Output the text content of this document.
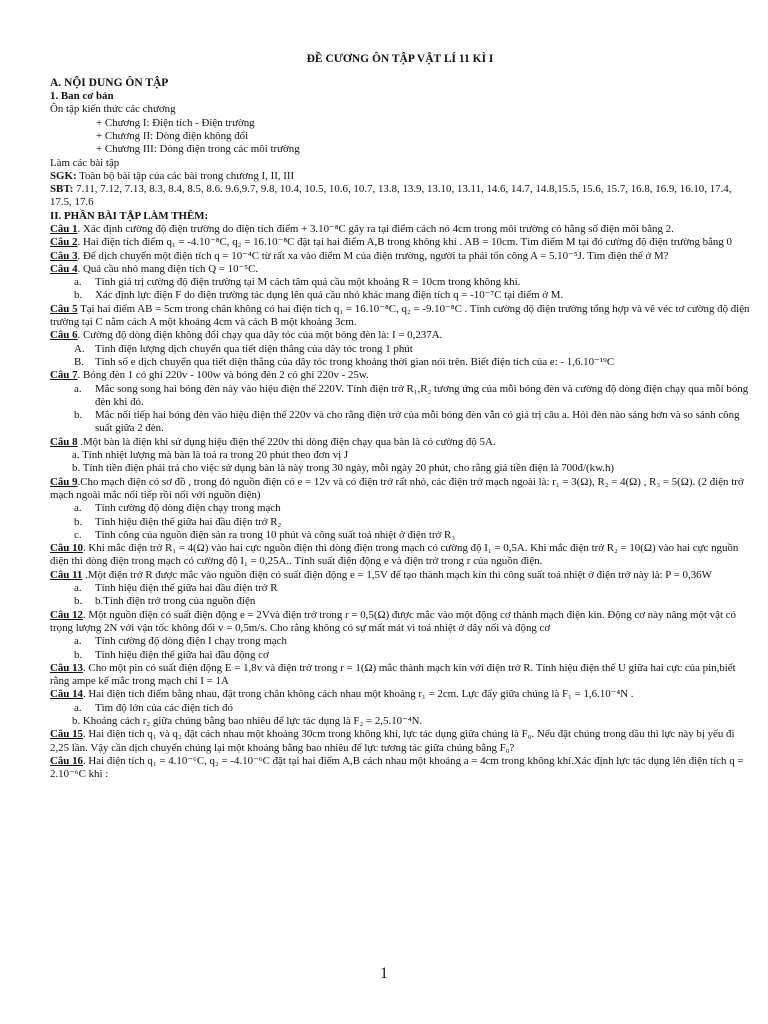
ĐỀ CƯƠNG ÔN TẬP VẬT LÍ 11 KÌ I

A. NỘI DUNG ÔN TẬP

1. Ban cơ bản

Ôn tập kiến thức các chương

+ Chương I: Điện tích - Điện trường

+ Chương II: Dòng điện không đổi

+ Chương III: Dòng điện trong các môi trường

Làm các bài tập

SGK: Toàn bộ bài tập của các bài trong chương I, II, III

SBT: 7.11, 7.12, 7.13, 8.3, 8.4, 8.5, 8.6. 9.6,9.7, 9.8, 10.4, 10.5, 10.6, 10.7, 13.8, 13.9, 13.10, 13.11, 14.6, 14.7, 14.8,15.5, 15.6, 15.7, 16.8, 16.9, 16.10, 17.4, 17.5, 17.6

II. PHẦN BÀI TẬP LÀM THÊM:

Câu 1. Xác định cường độ điện trường do điện tích điểm + 3.10⁻⁸C gây ra tại điểm cách nó 4cm trong môi trường có hằng số điện môi bằng 2.

Câu 2. Hai điện tích điểm q₁ = -4.10⁻⁸C, q₂ = 16.10⁻⁸C đặt tại hai điểm A,B trong không khí . AB = 10cm. Tìm điểm M tại đó cường độ điện trường bằng 0

Câu 3. Để dịch chuyển một điện tích q = 10⁻⁴C từ rất xa vào điểm M của điện trường, người ta phải tốn công A = 5.10⁻⁵J. Tìm điện thế ở M?

Câu 4. Quả cầu nhỏ mang điện tích Q = 10⁻⁵C.

a.	Tính giá trị cường độ điện trường tại M cách tâm quả cầu một khoảng R = 10cm trong không khí.
b.	Xác định lực điện F do điện trường tác dụng lên quả cầu nhỏ khác mang điện tích q = -10⁻⁷C tại điểm ở M.

Câu 5 Tại hai điểm AB = 5cm trong chân không có hai điện tích q₁ = 16.10⁻⁸C, q₂ = -9.10⁻⁸C . Tính cường độ điện trường tổng hợp và vẽ véc tơ cường độ điện trường tại C nằm cách A một khoảng 4cm và cách B một khoảng 3cm.

Câu 6. Cường độ dòng điện không đổi chạy qua dây tóc của một bóng đèn là: I = 0,237A.

A. Tính điện lượng dịch chuyển qua tiết diện thẳng của dây tóc trong 1 phút
B.	Tính số e dịch chuyển qua tiết diện thẳng của dây tóc trong khoảng thời gian nói trên. Biết điện tích của e: - 1,6.10⁻¹⁹C

Câu 7. Bóng đèn 1 có ghi 220v - 100w và bóng đèn 2 có ghi 220v - 25w.

a.	Mắc song song hai bóng đèn này vào hiệu điện thế 220V. Tính điện trở R₁,R₂ tương ứng của mỗi bóng đèn và cường độ dòng điện chạy qua mỗi bóng đèn khi đó.
b.	Mắc nối tiếp hai bóng đèn vào hiệu điện thế 220v và cho rằng điện trở của mỗi bóng đèn vẫn có giá trị câu a. Hỏi đèn nào sáng hơn và so sánh công suất giữa 2 đèn.

Câu 8 .Một bàn là điện khi sử dụng hiệu điện thế 220v thì dòng điện chạy qua bàn là có cường độ 5A.

a. Tính nhiệt lượng mà bàn là toả ra trong 20 phút theo đơn vị J

b. Tính tiền điện phải trả cho việc sử dụng bàn là này trong 30 ngày, mỗi ngày 20 phút, cho rằng giá tiền điện là 700đ/(kw.h)

Câu 9.Cho mạch điện có sơ đồ , trong đó nguồn điện có e = 12v và có điện trở rất nhỏ, các điện trở mạch ngoài là: r₁ = 3(Ω), R₂ = 4(Ω) , R₃ = 5(Ω). (2 điện trở mạch ngoài mắc nối tiếp rồi nối với nguồn điện)

a.	Tính cường độ dòng điện chạy trong mạch
b.	Tính hiệu điện thế giữa hai đầu điện trở R₂
c.	Tính công của nguồn điện sản ra trong 10 phút và công suất toả nhiệt ở điện trở R₃

Câu 10. Khi mắc điện trở R₁ = 4(Ω) vào hai cực nguồn điện thì dòng điện trong mạch có cường độ I₁ = 0,5A. Khi mắc điện trở R₂ = 10(Ω) vào hai cực nguồn điện thì dòng điện trong mạch có cường độ I₁ = 0,25A.. Tính suất điện động e và điện trở trong r của nguồn điện.

Câu 11 .Một điện trở R được mắc vào nguồn điện có suất điện động e = 1,5V để tạo thành mạch kín thì công suất toả nhiệt ở điện trở này là: P = 0,36W

a.	Tính hiệu điện thế giữa hai đầu điện trở R
b.	b.Tính điện trở trong của nguồn điện

Câu 12. Một nguồn điện có suất điện động e = 2Vvà điện trở trong r = 0,5(Ω) được mắc vào một động cơ thành mạch điện kín. Động cơ này nâng một vật có trọng lượng 2N với vận tốc không đổi v = 0,5m/s. Cho rằng không có sự mất mát vì toả nhiệt ở dây nối và động cơ

a.	Tính cường độ dòng điện I chạy trong mạch
b.	Tính hiệu điện thế giữa hai đầu động cơ

Câu 13. Cho một pin có suất điện động E = 1,8v và điện trở trong r = 1(Ω) mắc thành mạch kín với điện trở R. Tính hiệu điện thế U giữa hai cực của pin,biết rằng ampe kế mắc trong mạch chỉ I = 1A

Câu 14. Hai điện tích điểm bằng nhau, đặt trong chân không cách nhau một khoảng r₁ = 2cm. Lực đẩy giữa chúng là F₁ = 1,6.10⁻⁴N .

a.	Tìm độ lớn của các điện tích đó

b. Khoảng cách r₂ giữa chúng bằng bao nhiêu để lực tác dụng là F₂ = 2,5.10⁻⁴N.

Câu 15. Hai điện tích q₁ và q₂ đặt cách nhau một khoảng 30cm trong không khí, lực tác dụng giữa chúng là F₀. Nếu đặt chúng trong dầu thì lực này bị yếu đi 2,25 lần. Vậy cần dịch chuyển chúng lại một khoảng bằng bao nhiêu để lực tương tác giữa chúng bằng F₀?

Câu 16. Hai điện tích q₁ = 4.10⁻⁶C, q₂ = -4.10⁻⁶C đặt tại hai điểm A,B cách nhau một khoảng a = 4cm trong không khí.Xác định lực tác dụng lên điện tích q = 2.10⁻⁶C khi :

1
